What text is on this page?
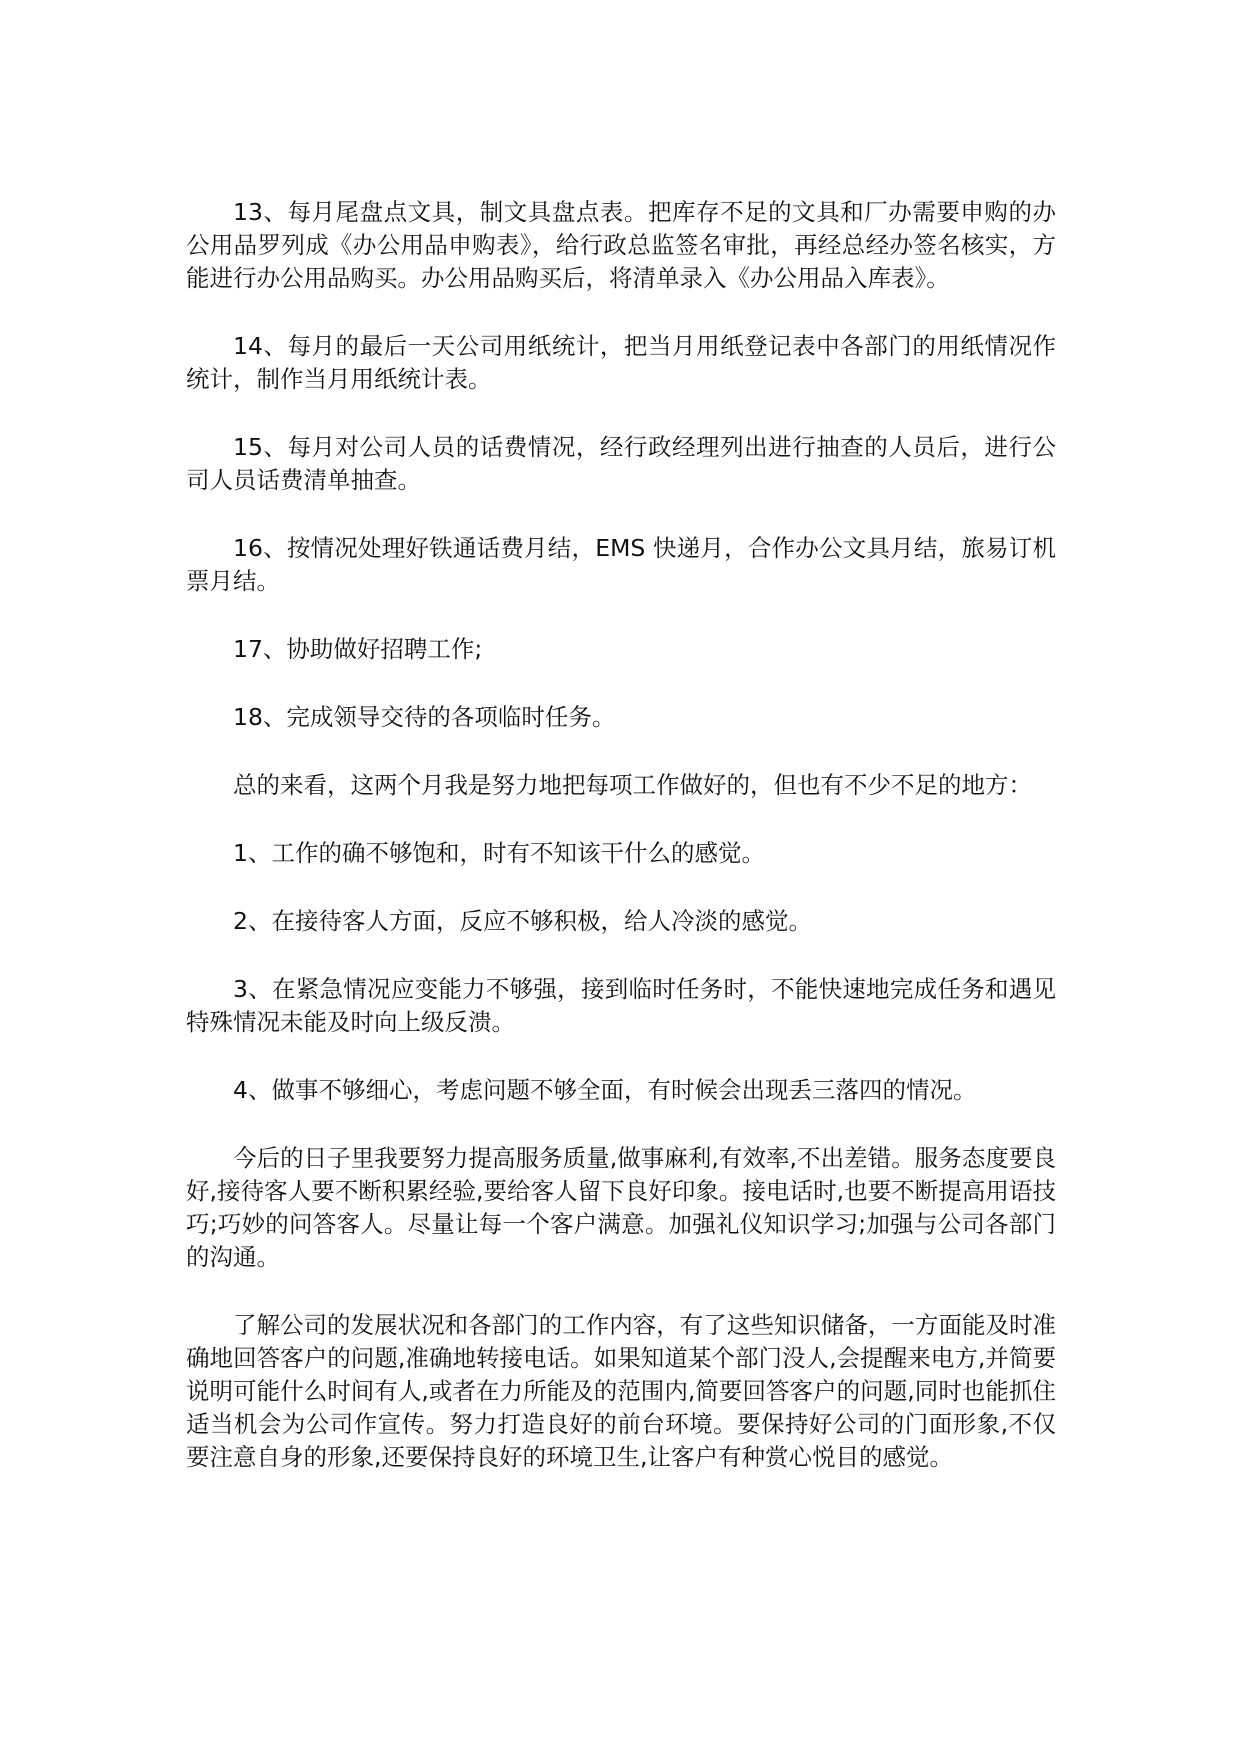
13、每月尾盘点文具，制文具盘点表。把库存不足的文具和厂办需要申购的办公用品罗列成《办公用品申购表》，给行政总监签名审批，再经总经办签名核实，方能进行办公用品购买。办公用品购买后，将清单录入《办公用品入库表》。

14、每月的最后一天公司用纸统计，把当月用纸登记表中各部门的用纸情况作统计，制作当月用纸统计表。

15、每月对公司人员的话费情况，经行政经理列出进行抽查的人员后，进行公司人员话费清单抽查。

16、按情况处理好铁通话费月结，EMS 快递月，合作办公文具月结，旅易订机票月结。

17、协助做好招聘工作;

18、完成领导交待的各项临时任务。

总的来看，这两个月我是努力地把每项工作做好的，但也有不少不足的地方：

1、工作的确不够饱和，时有不知该干什么的感觉。

2、在接待客人方面，反应不够积极，给人冷淡的感觉。

3、在紧急情况应变能力不够强，接到临时任务时，不能快速地完成任务和遇见特殊情况未能及时向上级反溃。

4、做事不够细心，考虑问题不够全面，有时候会出现丢三落四的情况。

今后的日子里我要努力提高服务质量,做事麻利,有效率,不出差错。服务态度要良好,接待客人要不断积累经验,要给客人留下良好印象。接电话时,也要不断提高用语技巧;巧妙的问答客人。尽量让每一个客户满意。加强礼仪知识学习;加强与公司各部门的沟通。

了解公司的发展状况和各部门的工作内容，有了这些知识储备，一方面能及时准确地回答客户的问题,准确地转接电话。如果知道某个部门没人,会提醒来电方,并简要说明可能什么时间有人,或者在力所能及的范围内,简要回答客户的问题,同时也能抓住适当机会为公司作宣传。努力打造良好的前台环境。要保持好公司的门面形象,不仅要注意自身的形象,还要保持良好的环境卫生,让客户有种赏心悦目的感觉。
